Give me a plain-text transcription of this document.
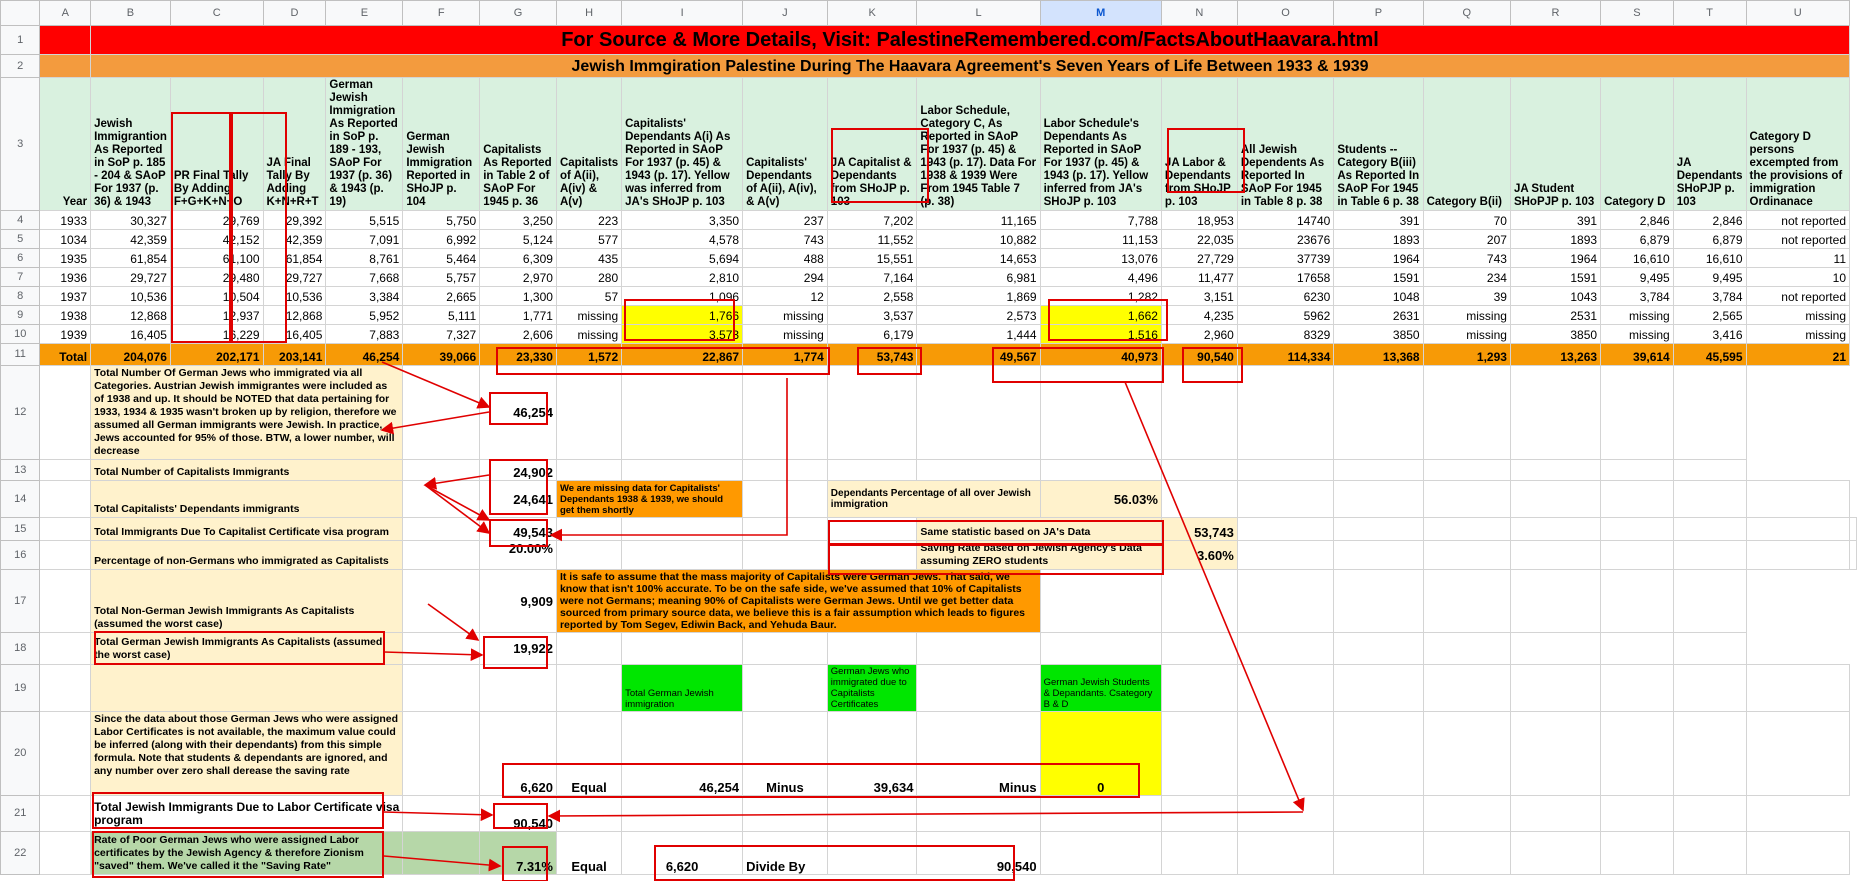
	A	B	C	D	E	F	G	H	I	J	K	L	M	N	O	P	Q	R	S	T	U	
1		For Source & More Details, Visit: PalestineRemembered.com/FactsAboutHaavara.html																				
2		Jewish Immgiration Palestine During The Haavara Agreement's Seven Years of Life Between 1933 & 1939																				
3	Year	Jewish Immigrantion As Reported in SoP p. 185 - 204 & SAoP For 1937 (p. 36) & 1943	PR Final Tally By Adding F+G+K+N+O	JA Final Tally By Adding K+N+R+T	German Jewish Immigration As Reported in SoP p. 189 - 193, SAoP For 1937 (p. 36) & 1943 (p. 19)	German Jewish Immigration Reported in SHoJP p. 104	Capitalists As Reported in Table 2 of SAoP For 1945 p. 36	Capitalists of A(ii), A(iv) & A(v)	Capitalists' Dependants A(i) As Reported in SAoP For 1937 (p. 45) & 1943 (p. 17). Yellow was inferred from JA's SHoJP p. 103	Capitalists' Dependants of A(ii), A(iv), & A(v)	JA Capitalist & Dependants from SHoJP p. 103	Labor Schedule, Category C, As Reported in SAoP For 1937 (p. 45) & 1943 (p. 17). Data For 1938 & 1939 Were From 1945 Table 7 (p. 38)	Labor Schedule's Dependants As Reported in SAoP For 1937 (p. 45) & 1943 (p. 17). Yellow inferred from JA's SHoJP p. 103	JA Labor & Dependants from SHoJP p. 103	All Jewish Dependents As Reported In SAoP For 1945 in Table 8 p. 38	Students -- Category B(iii) As Reported In SAoP For 1945 in Table 6 p. 38	Category B(ii)	JA Student SHoPJP p. 103	Category D	JA Dependants SHoPJP p. 103	Category D persons excempted from the provisions of immigration Ordinanace	
4	1933	30,327	29,769	29,392	5,515	5,750	3,250	223	3,350	237	7,202	11,165	7,788	18,953	14740	391	70	391	2,846	2,846	not reported	
5	1034	42,359	42,152	42,359	7,091	6,992	5,124	577	4,578	743	11,552	10,882	11,153	22,035	23676	1893	207	1893	6,879	6,879	not reported	
6	1935	61,854	61,100	61,854	8,761	5,464	6,309	435	5,694	488	15,551	14,653	13,076	27,729	37739	1964	743	1964	16,610	16,610	11	
7	1936	29,727	29,480	29,727	7,668	5,757	2,970	280	2,810	294	7,164	6,981	4,496	11,477	17658	1591	234	1591	9,495	9,495	10	
8	1937	10,536	10,504	10,536	3,384	2,665	1,300	57	1,096	12	2,558	1,869	1,282	3,151	6230	1048	39	1043	3,784	3,784	not reported	
9	1938	12,868	12,937	12,868	5,952	5,111	1,771	missing	1,766	missing	3,537	2,573	1,662	4,235	5962	2631	missing	2531	missing	2,565	missing	
10	1939	16,405	16,229	16,405	7,883	7,327	2,606	missing	3,573	missing	6,179	1,444	1,516	2,960	8329	3850	missing	3850	missing	3,416	missing	
11	Total	204,076	202,171	203,141	46,254	39,066	23,330	1,572	22,867	1,774	53,743	49,567	40,973	90,540	114,334	13,368	1,293	13,263	39,614	45,595	21	
12		Total Number Of German Jews who immigrated via all Categories. Austrian Jewish immigrantes were included as of 1938 and up. It should be NOTED that data pertaining for 1933, 1934 & 1935 wasn't broken up by religion, therefore we assumed all German immigrants were Jewish. In practice, Jews accounted for 95% of those. BTW, a lower number, will decrease					46,254															
13		Total Number of Capitalists Immigrants					24,902															
14		Total Capitalists' Dependants immigrants					24,641	We are missing data for Capitalists' Dependants 1938 & 1939, we should get them shortly			Dependants Percentage of all over Jewish immigration		56.03%									
15		Total Immigrants Due To Capitalist Certificate visa program					49,543					Same statistic based on JA's Data		53,743								
16		Percentage of non-Germans who immigrated as Capitalists					20.00%					Saving Rate based on Jewish Agency's Data assuming ZERO students		3.60%								
17		Total Non-German Jewish Immigrants As Capitalists (assumed the worst case)					9,909	It is safe to assume that the mass majority of Capitalists were German Jews. That said, we know that isn't 100% accurate. To be on the safe side, we've assumed that 10% of Capitalists were not Germans; meaning 90% of Capitalists were German Jews. Until we get better data sourced from primary source data, we believe this is a fair assumption which leads to figures reported by Tom Segev, Ediwin Back, and Yehuda Baur.														
18		Total German Jewish Immigrants As Capitalists (assumed the worst case)					19,922															
19									Total German Jewish immigration		German Jews who immigrated due to Capitalists Certificates		German Jewish Students & Depandants. Csategory B & D									
20		Since the data about those German Jews who were assigned Labor Certificates is not available, the maximum value could be inferred (along with their dependants) from this simple formula. Note that students & dependants are ignored, and any number over zero shall derease the saving rate					6,620	Equal	46,254	Minus	39,634	Minus	0									
21		Total Jewish Immigrants Due to Labor Certificate visa program					90,540															
22		Rate of Poor German Jews who were assigned Labor certificates by the Jewish Agency & therefore Zionism "saved" them. We've called it the "Saving Rate"					7.31%	Equal	6,620	Divide By		90,540										
